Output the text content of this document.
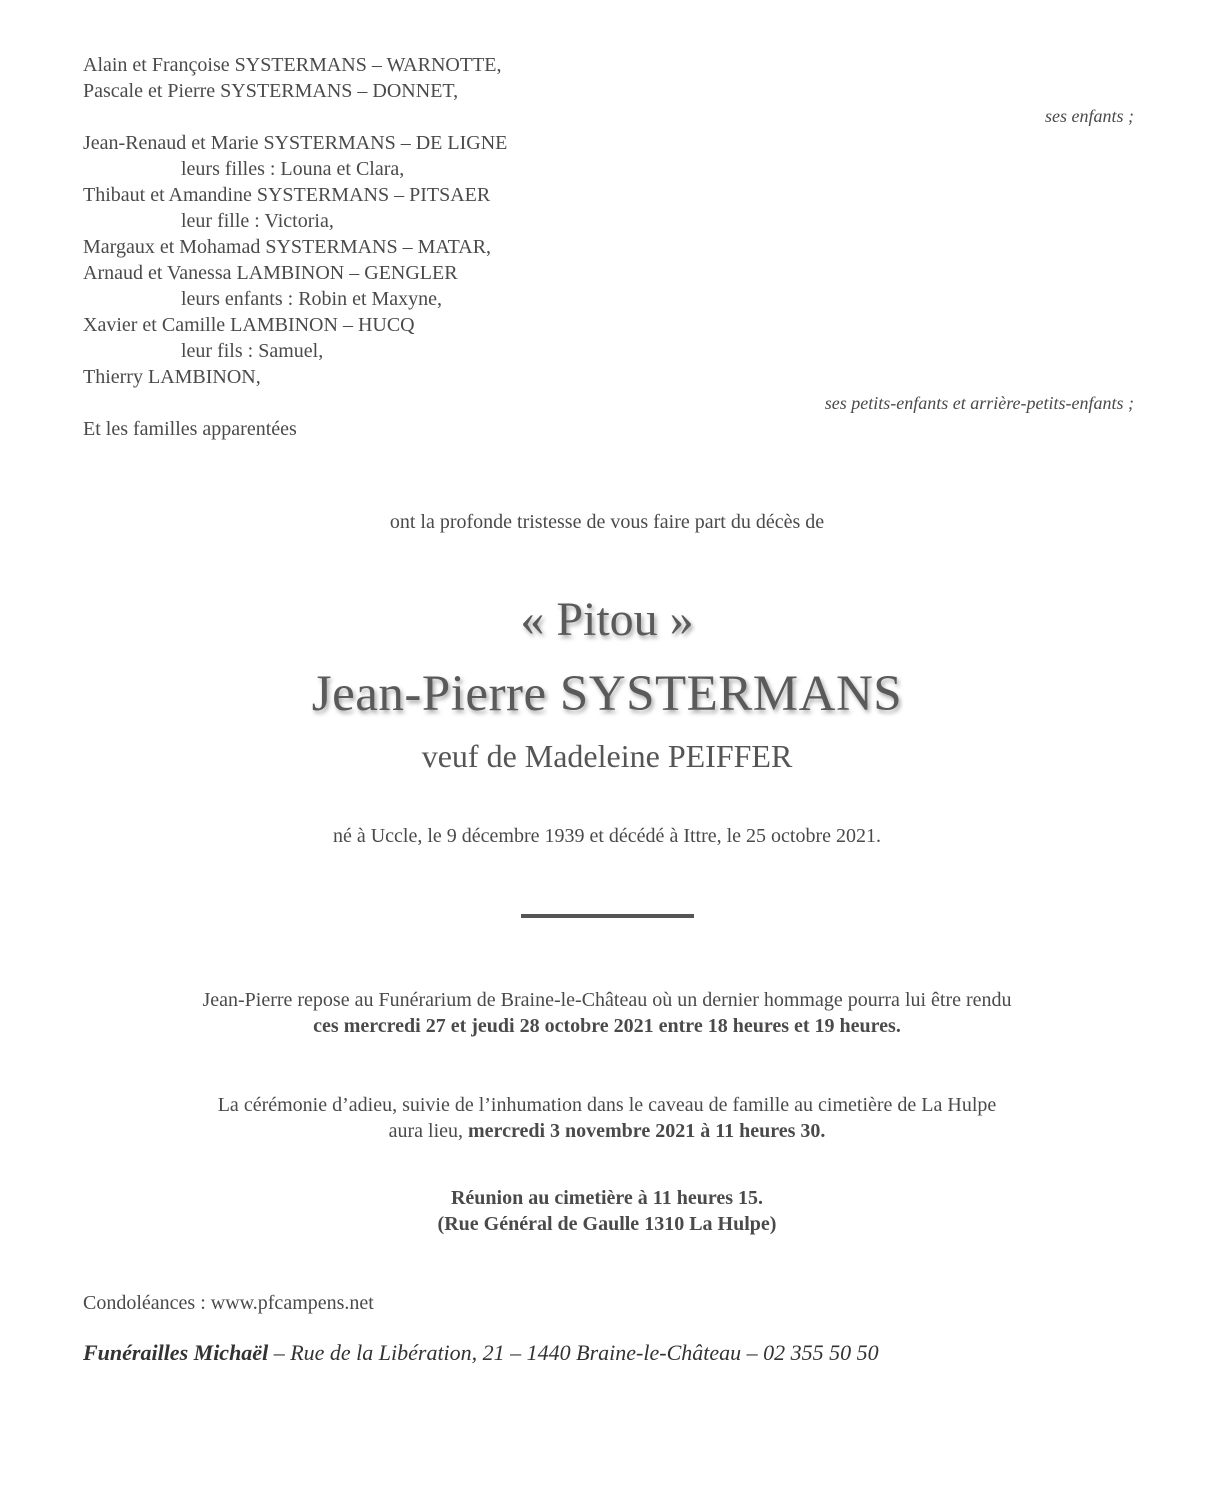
Alain et Françoise SYSTERMANS – WARNOTTE,
Pascale et Pierre SYSTERMANS – DONNET,
ses enfants ;
Jean-Renaud et Marie SYSTERMANS – DE LIGNE
leurs filles : Louna et Clara,
Thibaut et Amandine SYSTERMANS – PITSAER
leur fille : Victoria,
Margaux et Mohamad SYSTERMANS – MATAR,
Arnaud et Vanessa LAMBINON – GENGLER
leurs enfants : Robin et Maxyne,
Xavier et Camille LAMBINON – HUCQ
leur fils : Samuel,
Thierry LAMBINON,
ses petits-enfants et arrière-petits-enfants ;
Et les familles apparentées
ont la profonde tristesse de vous faire part du décès de
« Pitou »
Jean-Pierre SYSTERMANS
veuf de Madeleine PEIFFER
né à Uccle, le 9 décembre 1939 et décédé à Ittre, le 25 octobre 2021.
Jean-Pierre repose au Funérarium de Braine-le-Château où un dernier hommage pourra lui être rendu
ces mercredi 27 et jeudi 28 octobre 2021 entre 18 heures et 19 heures.
La cérémonie d’adieu, suivie de l’inhumation dans le caveau de famille au cimetière de La Hulpe
aura lieu, mercredi 3 novembre 2021 à 11 heures 30.
Réunion au cimetière à 11 heures 15.
(Rue Général de Gaulle 1310 La Hulpe)
Condoléances : www.pfcampens.net
Funérailles Michaël – Rue de la Libération, 21 – 1440 Braine-le-Château – 02 355 50 50
